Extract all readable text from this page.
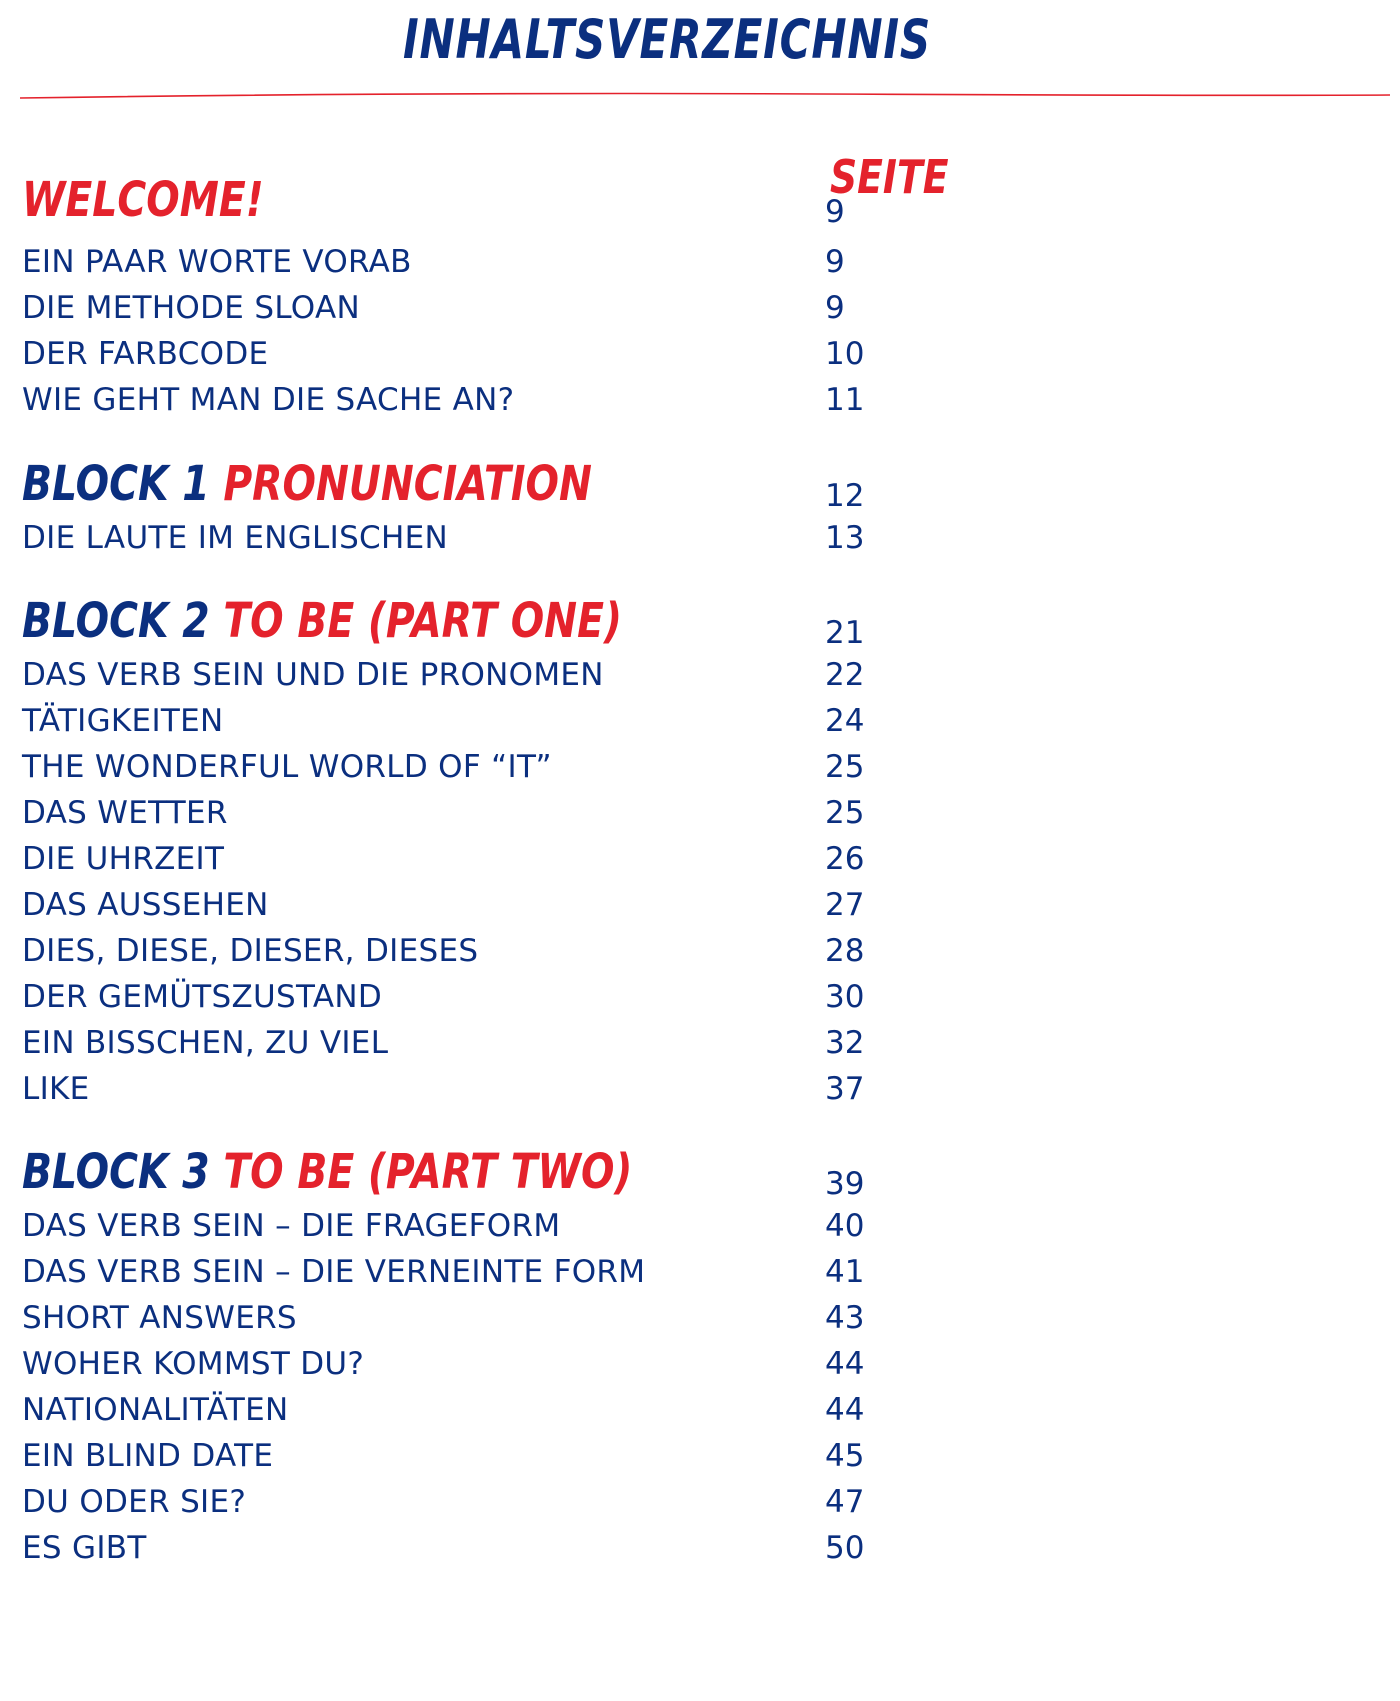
INHALTSVERZEICHNIS
SEITE
WELCOME!	9
EIN PAAR WORTE VORAB	9
DIE METHODE SLOAN	9
DER FARBCODE	10
WIE GEHT MAN DIE SACHE AN?	11
BLOCK 1 PRONUNCIATION	12
DIE LAUTE IM ENGLISCHEN	13
BLOCK 2 TO BE (PART ONE)	21
DAS VERB SEIN UND DIE PRONOMEN	22
TÄTIGKEITEN	24
THE WONDERFUL WORLD OF “IT”	25
DAS WETTER	25
DIE UHRZEIT	26
DAS AUSSEHEN	27
DIES, DIESE, DIESER, DIESES	28
DER GEMÜTSZUSTAND	30
EIN BISSCHEN, ZU VIEL	32
LIKE	37
BLOCK 3 TO BE (PART TWO)	39
DAS VERB SEIN – DIE FRAGEFORM	40
DAS VERB SEIN – DIE VERNEINTE FORM	41
SHORT ANSWERS	43
WOHER KOMMST DU?	44
NATIONALITÄTEN	44
EIN BLIND DATE	45
DU ODER SIE?	47
ES GIBT	50
